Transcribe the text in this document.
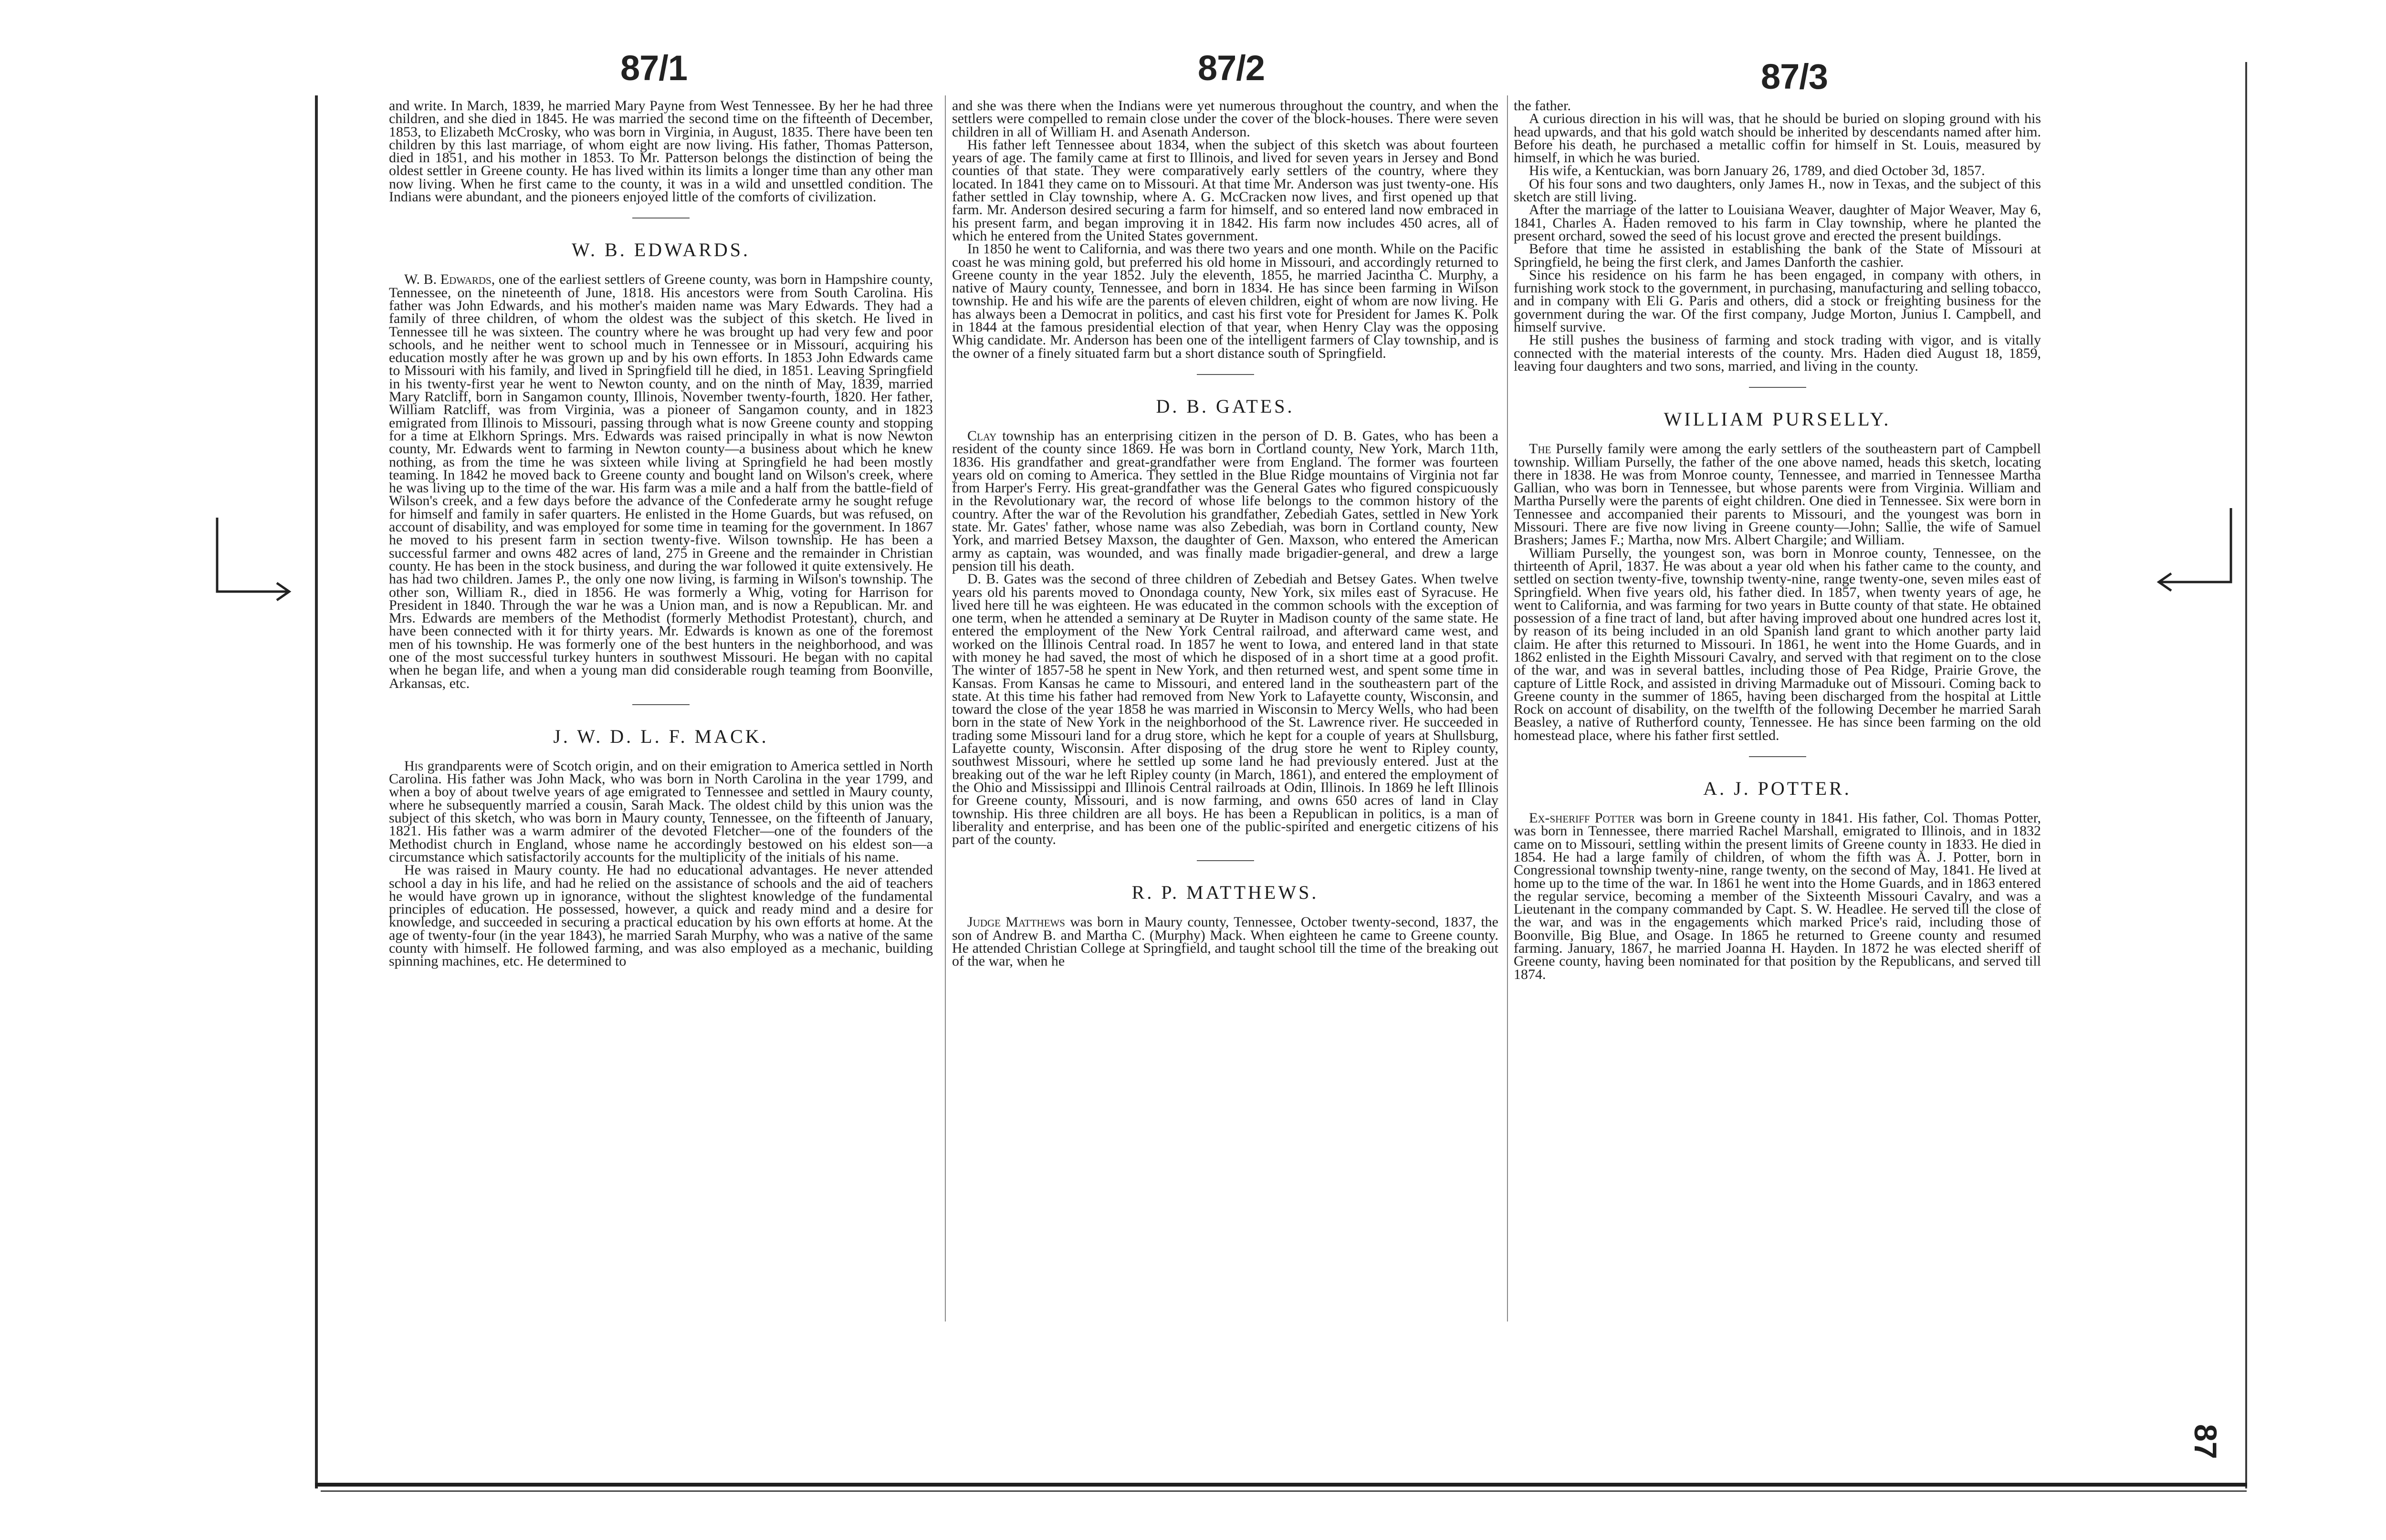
87/1	87/2	87/3
87

and write. In March, 1839, he married Mary Payne from West Tennessee. By her he had three children, and she died in 1845. He was married the second time on the fifteenth of December, 1853, to Elizabeth McCrosky, who was born in Virginia, in August, 1835. There have been ten children by this last marriage, of whom eight are now living. His father, Thomas Patterson, died in 1851, and his mother in 1853. To Mr. Patterson belongs the distinction of being the oldest settler in Greene county. He has lived within its limits a longer time than any other man now living. When he first came to the county, it was in a wild and unsettled condition. The Indians were abundant, and the pioneers enjoyed little of the comforts of civilization.

W. B. EDWARDS.

W. B. Edwards, one of the earliest settlers of Greene county, was born in Hampshire county, Tennessee, on the nineteenth of June, 1818. His ancestors were from South Carolina. His father was John Edwards, and his mother's maiden name was Mary Edwards. They had a family of three children, of whom the oldest was the subject of this sketch. He lived in Tennessee till he was sixteen. The country where he was brought up had very few and poor schools, and he neither went to school much in Tennessee or in Missouri, acquiring his education mostly after he was grown up and by his own efforts. In 1853 John Edwards came to Missouri with his family, and lived in Springfield till he died, in 1851. Leaving Springfield in his twenty-first year he went to Newton county, and on the ninth of May, 1839, married Mary Ratcliff, born in Sangamon county, Illinois, November twenty-fourth, 1820. Her father, William Ratcliff, was from Virginia, was a pioneer of Sangamon county, and in 1823 emigrated from Illinois to Missouri, passing through what is now Greene county and stopping for a time at Elkhorn Springs. Mrs. Edwards was raised principally in what is now Newton county, Mr. Edwards went to farming in Newton county—a business about which he knew nothing, as from the time he was sixteen while living at Springfield he had been mostly teaming. In 1842 he moved back to Greene county and bought land on Wilson's creek, where he was living up to the time of the war. His farm was a mile and a half from the battle-field of Wilson's creek, and a few days before the advance of the Confederate army he sought refuge for himself and family in safer quarters. He enlisted in the Home Guards, but was refused, on account of disability, and was employed for some time in teaming for the government. In 1867 he moved to his present farm in section twenty-five. Wilson township. He has been a successful farmer and owns 482 acres of land, 275 in Greene and the remainder in Christian county. He has been in the stock business, and during the war followed it quite extensively. He has had two children. James P., the only one now living, is farming in Wilson's township. The other son, William R., died in 1856. He was formerly a Whig, voting for Harrison for President in 1840. Through the war he was a Union man, and is now a Republican. Mr. and Mrs. Edwards are members of the Methodist (formerly Methodist Protestant), church, and have been connected with it for thirty years. Mr. Edwards is known as one of the foremost men of his township. He was formerly one of the best hunters in the neighborhood, and was one of the most successful turkey hunters in southwest Missouri. He began with no capital when he began life, and when a young man did considerable rough teaming from Boonville, Arkansas, etc.

J. W. D. L. F. MACK.

His grandparents were of Scotch origin, and on their emigration to America settled in North Carolina. His father was John Mack, who was born in North Carolina in the year 1799, and when a boy of about twelve years of age emigrated to Tennessee and settled in Maury county, where he subsequently married a cousin, Sarah Mack. The oldest child by this union was the subject of this sketch, who was born in Maury county, Tennessee, on the fifteenth of January, 1821. His father was a warm admirer of the devoted Fletcher—one of the founders of the Methodist church in England, whose name he accordingly bestowed on his eldest son—a circumstance which satisfactorily accounts for the multiplicity of the initials of his name.

He was raised in Maury county. He had no educational advantages. He never attended school a day in his life, and had he relied on the assistance of schools and the aid of teachers he would have grown up in ignorance, without the slightest knowledge of the fundamental principles of education. He possessed, however, a quick and ready mind and a desire for knowledge, and succeeded in securing a practical education by his own efforts at home. At the age of twenty-four (in the year 1843), he married Sarah Murphy, who was a native of the same county with himself. He followed farming, and was also employed as a mechanic, building spinning machines, etc. He determined to

and she was there when the Indians were yet numerous throughout the country, and when the settlers were compelled to remain close under the cover of the block-houses. There were seven children in all of William H. and Asenath Anderson.

His father left Tennessee about 1834, when the subject of this sketch was about fourteen years of age. The family came at first to Illinois, and lived for seven years in Jersey and Bond counties of that state. They were comparatively early settlers of the country, where they located. In 1841 they came on to Missouri. At that time Mr. Anderson was just twenty-one. His father settled in Clay township, where A. G. McCracken now lives, and first opened up that farm. Mr. Anderson desired securing a farm for himself, and so entered land now embraced in his present farm, and began improving it in 1842. His farm now includes 450 acres, all of which he entered from the United States government.

In 1850 he went to California, and was there two years and one month. While on the Pacific coast he was mining gold, but preferred his old home in Missouri, and accordingly returned to Greene county in the year 1852. July the eleventh, 1855, he married Jacintha C. Murphy, a native of Maury county, Tennessee, and born in 1834. He has since been farming in Wilson township. He and his wife are the parents of eleven children, eight of whom are now living. He has always been a Democrat in politics, and cast his first vote for President for James K. Polk in 1844 at the famous presidential election of that year, when Henry Clay was the opposing Whig candidate. Mr. Anderson has been one of the intelligent farmers of Clay township, and is the owner of a finely situated farm but a short distance south of Springfield.

D. B. GATES.

Clay township has an enterprising citizen in the person of D. B. Gates, who has been a resident of the county since 1869. He was born in Cortland county, New York, March 11th, 1836. His grandfather and great-grandfather were from England. The former was fourteen years old on coming to America. They settled in the Blue Ridge mountains of Virginia not far from Harper's Ferry. His great-grandfather was the General Gates who figured conspicuously in the Revolutionary war, the record of whose life belongs to the common history of the country. After the war of the Revolution his grandfather, Zebediah Gates, settled in New York state. Mr. Gates' father, whose name was also Zebediah, was born in Cortland county, New York, and married Betsey Maxson, the daughter of Gen. Maxson, who entered the American army as captain, was wounded, and was finally made brigadier-general, and drew a large pension till his death.

D. B. Gates was the second of three children of Zebediah and Betsey Gates. When twelve years old his parents moved to Onondaga county, New York, six miles east of Syracuse. He lived here till he was eighteen. He was educated in the common schools with the exception of one term, when he attended a seminary at De Ruyter in Madison county of the same state. He entered the employment of the New York Central railroad, and afterward came west, and worked on the Illinois Central road. In 1857 he went to Iowa, and entered land in that state with money he had saved, the most of which he disposed of in a short time at a good profit. The winter of 1857-58 he spent in New York, and then returned west, and spent some time in Kansas. From Kansas he came to Missouri, and entered land in the southeastern part of the state. At this time his father had removed from New York to Lafayette county, Wisconsin, and toward the close of the year 1858 he was married in Wisconsin to Mercy Wells, who had been born in the state of New York in the neighborhood of the St. Lawrence river. He succeeded in trading some Missouri land for a drug store, which he kept for a couple of years at Shullsburg, Lafayette county, Wisconsin. After disposing of the drug store he went to Ripley county, southwest Missouri, where he settled up some land he had previously entered. Just at the breaking out of the war he left Ripley county (in March, 1861), and entered the employment of the Ohio and Mississippi and Illinois Central railroads at Odin, Illinois. In 1869 he left Illinois for Greene county, Missouri, and is now farming, and owns 650 acres of land in Clay township. His three children are all boys. He has been a Republican in politics, is a man of liberality and enterprise, and has been one of the public-spirited and energetic citizens of his part of the county.

R. P. MATTHEWS.

Judge Matthews was born in Maury county, Tennessee, October twenty-second, 1837, the son of Andrew B. and Martha C. (Murphy) Mack. When eighteen he came to Greene county. He attended Christian College at Springfield, and taught school till the time of the breaking out of the war, when he

the father.

A curious direction in his will was, that he should be buried on sloping ground with his head upwards, and that his gold watch should be inherited by descendants named after him. Before his death, he purchased a metallic coffin for himself in St. Louis, measured by himself, in which he was buried.

His wife, a Kentuckian, was born January 26, 1789, and died October 3d, 1857.

Of his four sons and two daughters, only James H., now in Texas, and the subject of this sketch are still living.

After the marriage of the latter to Louisiana Weaver, daughter of Major Weaver, May 6, 1841, Charles A. Haden removed to his farm in Clay township, where he planted the present orchard, sowed the seed of his locust grove and erected the present buildings.

Before that time he assisted in establishing the bank of the State of Missouri at Springfield, he being the first clerk, and James Danforth the cashier.

Since his residence on his farm he has been engaged, in company with others, in furnishing work stock to the government, in purchasing, manufacturing and selling tobacco, and in company with Eli G. Paris and others, did a stock or freighting business for the government during the war. Of the first company, Judge Morton, Junius I. Campbell, and himself survive.

He still pushes the business of farming and stock trading with vigor, and is vitally connected with the material interests of the county. Mrs. Haden died August 18, 1859, leaving four daughters and two sons, married, and living in the county.

WILLIAM PURSELLY.

The Purselly family were among the early settlers of the southeastern part of Campbell township. William Purselly, the father of the one above named, heads this sketch, locating there in 1838. He was from Monroe county, Tennessee, and married in Tennessee Martha Gallian, who was born in Tennessee, but whose parents were from Virginia. William and Martha Purselly were the parents of eight children. One died in Tennessee. Six were born in Tennessee and accompanied their parents to Missouri, and the youngest was born in Missouri. There are five now living in Greene county—John; Sallie, the wife of Samuel Brashers; James F.; Martha, now Mrs. Albert Chargile; and William.

William Purselly, the youngest son, was born in Monroe county, Tennessee, on the thirteenth of April, 1837. He was about a year old when his father came to the county, and settled on section twenty-five, township twenty-nine, range twenty-one, seven miles east of Springfield. When five years old, his father died. In 1857, when twenty years of age, he went to California, and was farming for two years in Butte county of that state. He obtained possession of a fine tract of land, but after having improved about one hundred acres lost it, by reason of its being included in an old Spanish land grant to which another party laid claim. He after this returned to Missouri. In 1861, he went into the Home Guards, and in 1862 enlisted in the Eighth Missouri Cavalry, and served with that regiment on to the close of the war, and was in several battles, including those of Pea Ridge, Prairie Grove, the capture of Little Rock, and assisted in driving Marmaduke out of Missouri. Coming back to Greene county in the summer of 1865, having been discharged from the hospital at Little Rock on account of disability, on the twelfth of the following December he married Sarah Beasley, a native of Rutherford county, Tennessee. He has since been farming on the old homestead place, where his father first settled.

A. J. POTTER.

Ex-sheriff Potter was born in Greene county in 1841. His father, Col. Thomas Potter, was born in Tennessee, there married Rachel Marshall, emigrated to Illinois, and in 1832 came on to Missouri, settling within the present limits of Greene county in 1833. He died in 1854. He had a large family of children, of whom the fifth was A. J. Potter, born in Congressional township twenty-nine, range twenty, on the second of May, 1841. He lived at home up to the time of the war. In 1861 he went into the Home Guards, and in 1863 entered the regular service, becoming a member of the Sixteenth Missouri Cavalry, and was a Lieutenant in the company commanded by Capt. S. W. Headlee. He served till the close of the war, and was in the engagements which marked Price's raid, including those of Boonville, Big Blue, and Osage. In 1865 he returned to Greene county and resumed farming. January, 1867, he married Joanna H. Hayden. In 1872 he was elected sheriff of Greene county, having been nominated for that position by the Republicans, and served till 1874.
